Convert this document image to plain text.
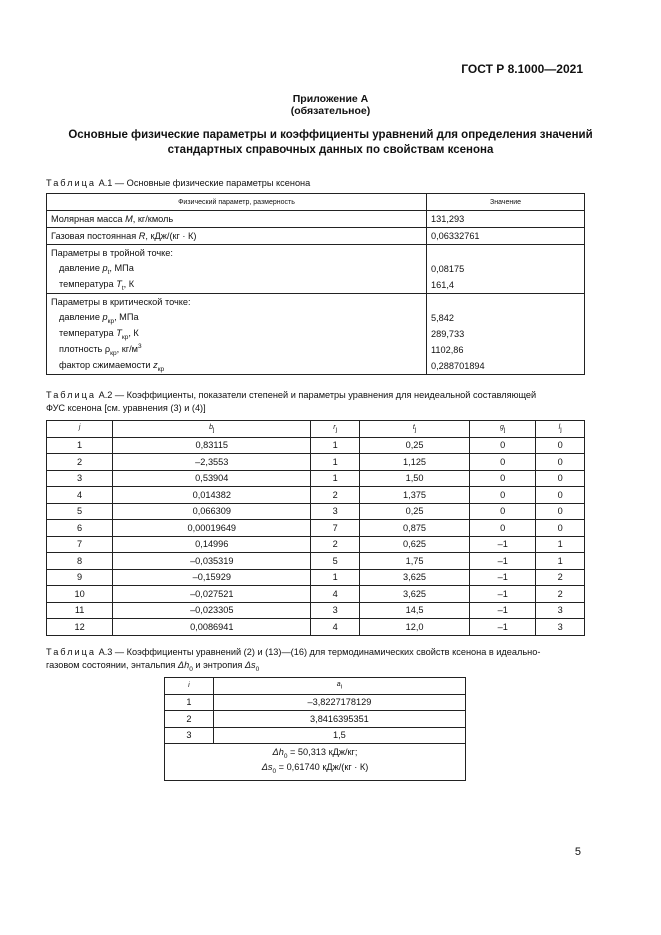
ГОСТ Р 8.1000—2021
Приложение А
(обязательное)
Основные физические параметры и коэффициенты уравнений для определения значений
стандартных справочных данных по свойствам ксенона
Таблица А.1 — Основные физические параметры ксенона
Физический параметр, размерность	Значение
Молярная масса M, кг/кмоль	131,293
Газовая постоянная R, кДж/(кг · К)	0,06332761
Параметры в тройной точке:	
давление $p_t$, МПа	0,08175
температура $T_t$, К	161,4
Параметры в критической точке:	
давление $p_{кр}$, МПа	5,842
температура $T_{кр}$, К	289,733
плотность $\rho_{кр}$, $кг/м^3$	1102,86
фактор сжимаемости $z_{кр}$	0,288701894
Таблица А.2 — Коэффициенты, показатели степеней и параметры уравнения для неидеальной составляющей
ФУС ксенона [см. уравнения (3) и (4)]
j	$b_j$	$r_j$	$t_j$	$g_j$	$l_j$
1	0,83115	1	0,25	0	0
2	–2,3553	1	1,125	0	0
3	0,53904	1	1,50	0	0
4	0,014382	2	1,375	0	0
5	0,066309	3	0,25	0	0
6	0,00019649	7	0,875	0	0
7	0,14996	2	0,625	–1	1
8	–0,035319	5	1,75	–1	1
9	–0,15929	1	3,625	–1	2
10	–0,027521	4	3,625	–1	2
11	–0,023305	3	14,5	–1	3
12	0,0086941	4	12,0	–1	3
Таблица А.3 — Коэффициенты уравнений (2) и (13)—(16) для термодинамических свойств ксенона в идеально-
газовом состоянии, энтальпия $\Delta h_0$ и энтропия $\Delta s_0$
i	$a_i$
1	–3,8227178129
2	3,8416395351
3	1,5

$\Delta h_0 = 50,313$ кДж/кг;
$\Delta s_0 = 0,61740$ кДж/(кг · К)	
5
